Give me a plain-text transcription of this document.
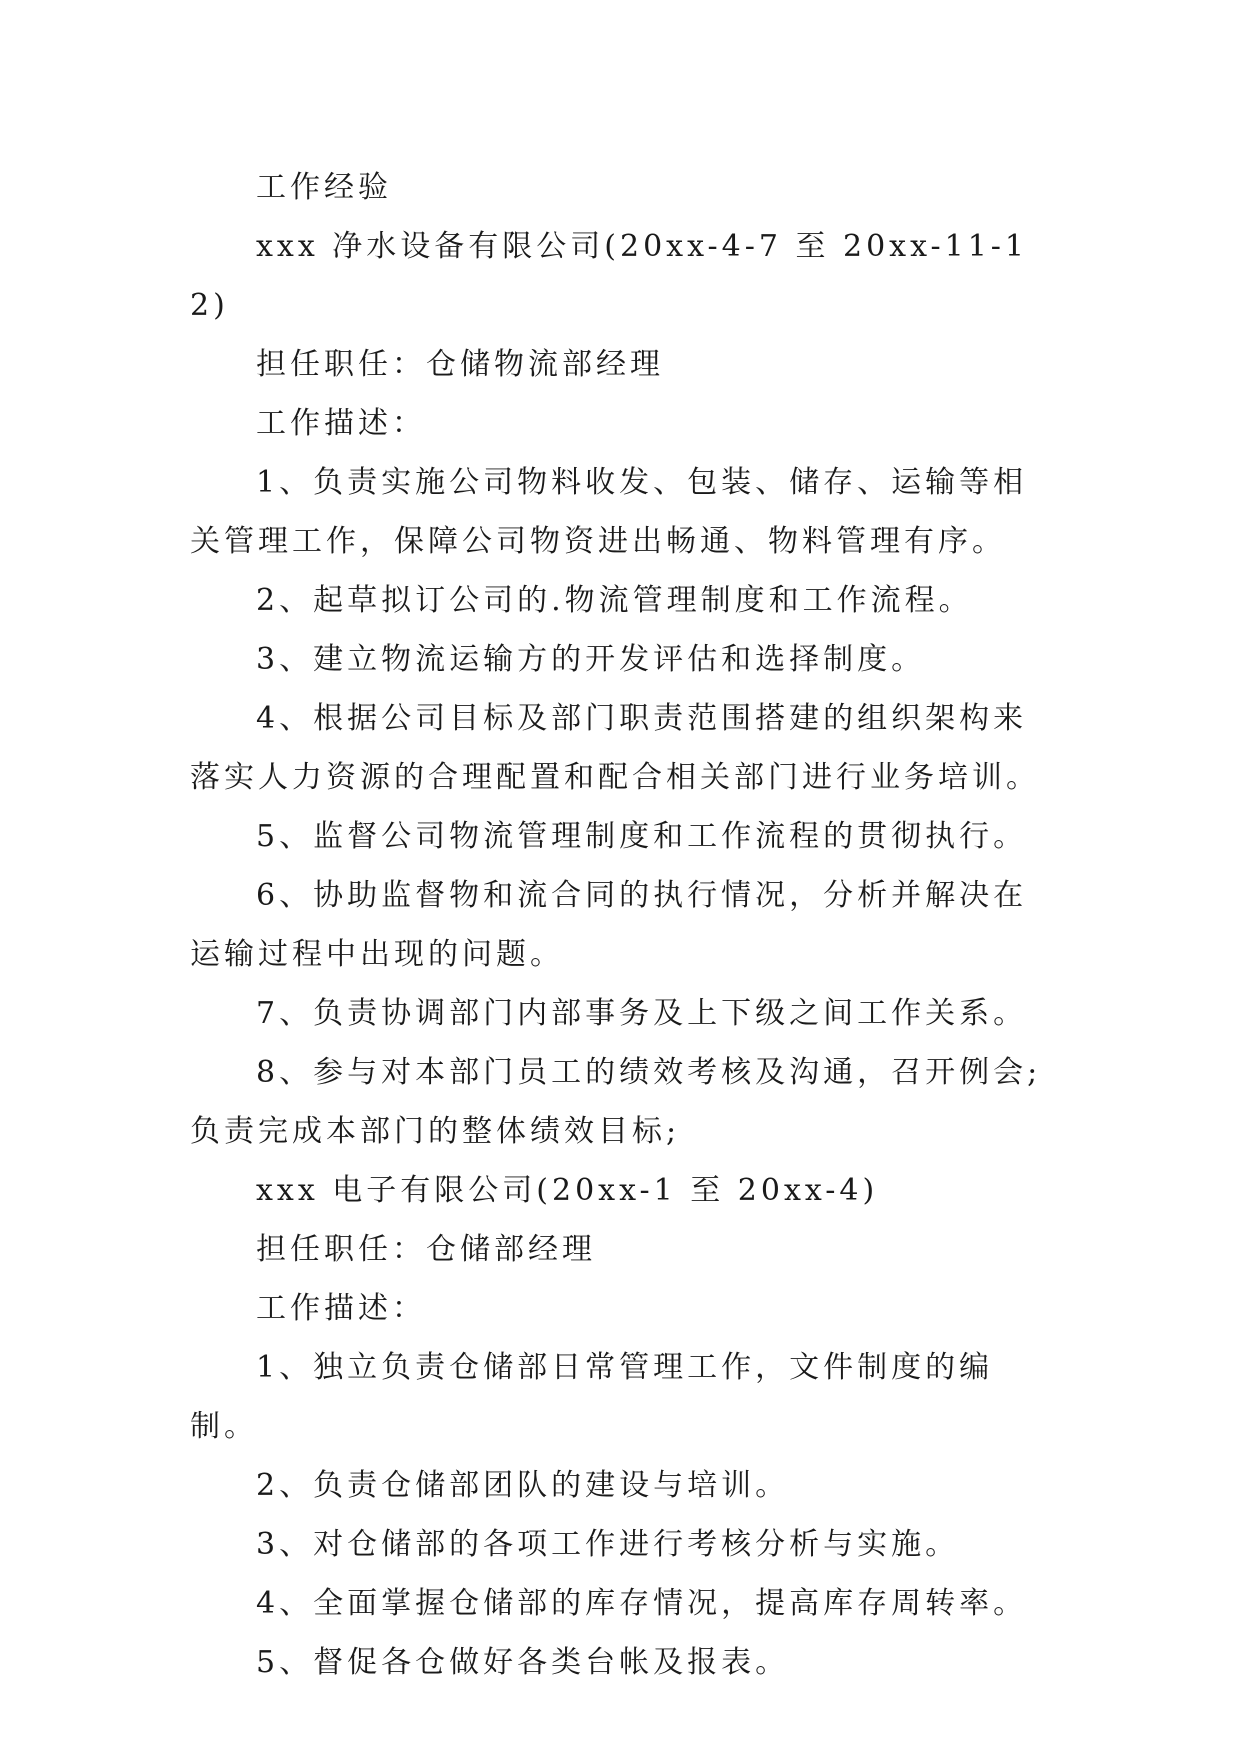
工作经验

xxx 净水设备有限公司(20xx-4-7 至 20xx-11-12)

担任职任：仓储物流部经理

工作描述：

1、负责实施公司物料收发、包装、储存、运输等相关管理工作，保障公司物资进出畅通、物料管理有序。

2、起草拟订公司的.物流管理制度和工作流程。

3、建立物流运输方的开发评估和选择制度。

4、根据公司目标及部门职责范围搭建的组织架构来落实人力资源的合理配置和配合相关部门进行业务培训。

5、监督公司物流管理制度和工作流程的贯彻执行。

6、协助监督物和流合同的执行情况，分析并解决在运输过程中出现的问题。

7、负责协调部门内部事务及上下级之间工作关系。

8、参与对本部门员工的绩效考核及沟通，召开例会;负责完成本部门的整体绩效目标;

xxx 电子有限公司(20xx-1 至 20xx-4)

担任职任：仓储部经理

工作描述：

1、独立负责仓储部日常管理工作，文件制度的编制。

2、负责仓储部团队的建设与培训。

3、对仓储部的各项工作进行考核分析与实施。

4、全面掌握仓储部的库存情况，提高库存周转率。

5、督促各仓做好各类台帐及报表。
